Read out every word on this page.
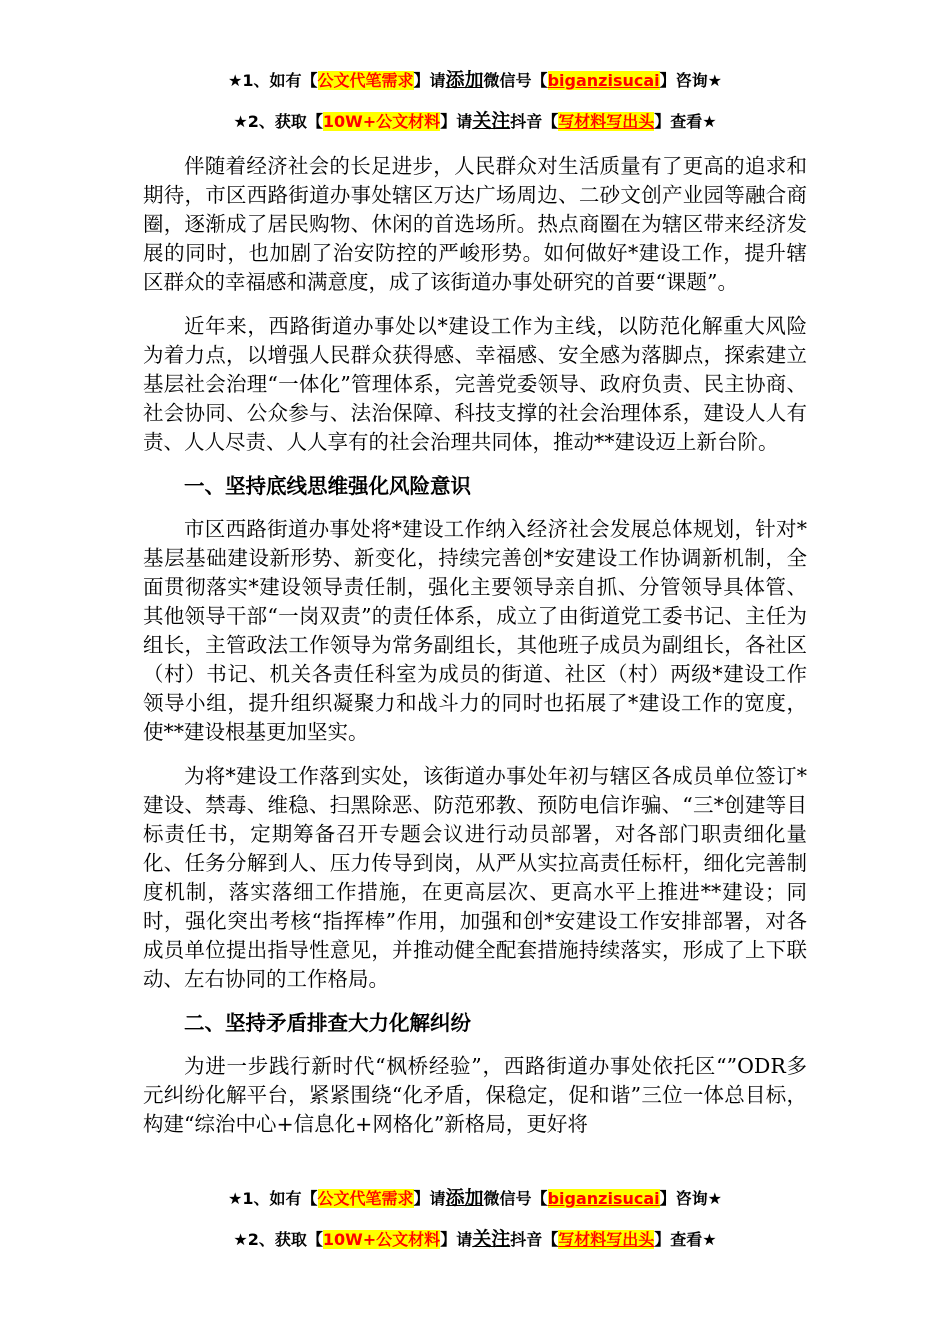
★1、如有【公文代笔需求】请添加微信号【biganzisucai】咨询★
★2、获取【10W+公文材料】请关注抖音【写材料写出头】查看★

伴随着经济社会的长足进步，人民群众对生活质量有了更高的追求和期待，市区西路街道办事处辖区万达广场周边、二砂文创产业园等融合商圈，逐渐成了居民购物、休闲的首选场所。热点商圈在为辖区带来经济发展的同时，也加剧了治安防控的严峻形势。如何做好*建设工作，提升辖区群众的幸福感和满意度，成了该街道办事处研究的首要“课题”。

近年来，西路街道办事处以*建设工作为主线，以防范化解重大风险为着力点，以增强人民群众获得感、幸福感、安全感为落脚点，探索建立基层社会治理“一体化”管理体系，完善党委领导、政府负责、民主协商、社会协同、公众参与、法治保障、科技支撑的社会治理体系，建设人人有责、人人尽责、人人享有的社会治理共同体，推动**建设迈上新台阶。

一、坚持底线思维强化风险意识

市区西路街道办事处将*建设工作纳入经济社会发展总体规划，针对*基层基础建设新形势、新变化，持续完善创*安建设工作协调新机制，全面贯彻落实*建设领导责任制，强化主要领导亲自抓、分管领导具体管、其他领导干部“一岗双责”的责任体系，成立了由街道党工委书记、主任为组长，主管政法工作领导为常务副组长，其他班子成员为副组长，各社区（村）书记、机关各责任科室为成员的街道、社区（村）两级*建设工作领导小组，提升组织凝聚力和战斗力的同时也拓展了*建设工作的宽度，使**建设根基更加坚实。

为将*建设工作落到实处，该街道办事处年初与辖区各成员单位签订*建设、禁毒、维稳、扫黑除恶、防范邪教、预防电信诈骗、“三*创建等目标责任书，定期筹备召开专题会议进行动员部署，对各部门职责细化量化、任务分解到人、压力传导到岗，从严从实拉高责任标杆，细化完善制度机制，落实落细工作措施，在更高层次、更高水平上推进**建设；同时，强化突出考核“指挥棒”作用，加强和创*安建设工作安排部署，对各成员单位提出指导性意见，并推动健全配套措施持续落实，形成了上下联动、左右协同的工作格局。

二、坚持矛盾排查大力化解纠纷

为进一步践行新时代“枫桥经验”，西路街道办事处依托区“”ODR多元纠纷化解平台，紧紧围绕“化矛盾，保稳定，促和谐”三位一体总目标，构建“综治中心+信息化+网格化”新格局，更好将

★1、如有【公文代笔需求】请添加微信号【biganzisucai】咨询★
★2、获取【10W+公文材料】请关注抖音【写材料写出头】查看★
